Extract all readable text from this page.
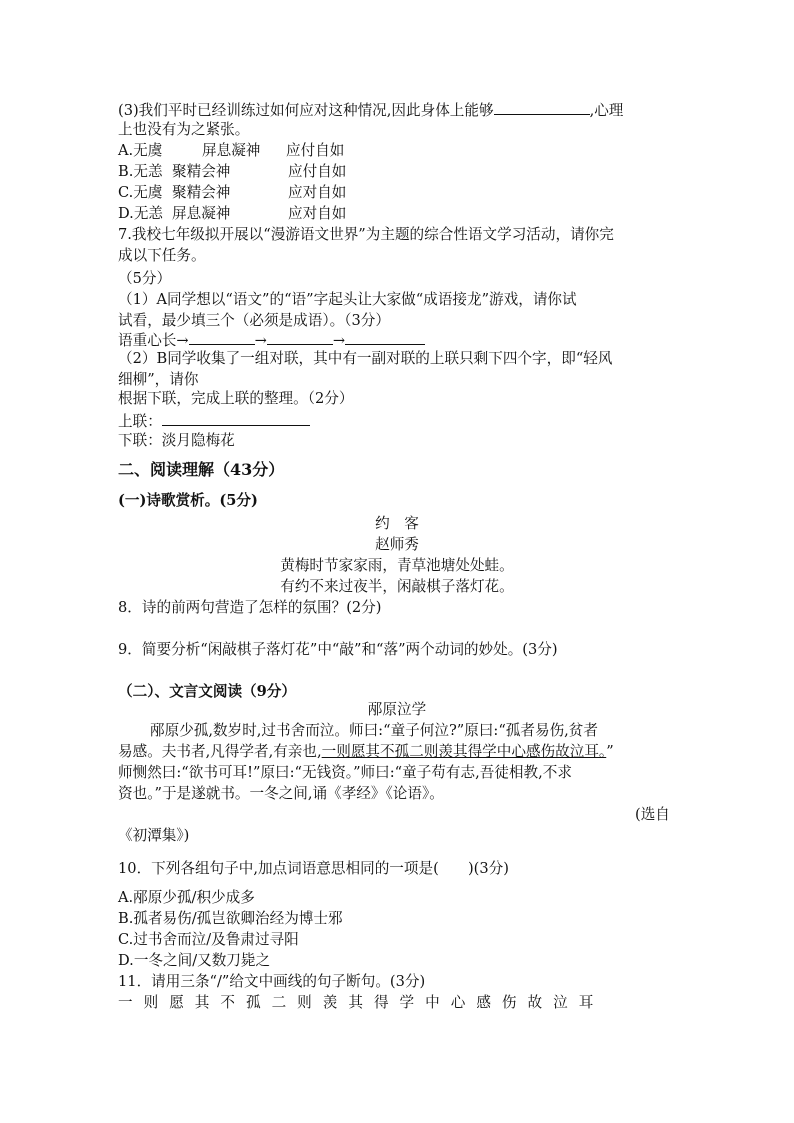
(3)我们平时已经训练过如何应对这种情况,因此身体上能够	,心理
上也没有为之紧张。
A.无虞	屏息凝神 应付自如
B.无恙 聚精会神	应付自如
C.无虞 聚精会神	应对自如
D.无恙 屏息凝神	应对自如
7.我校七年级拟开展以“漫游语文世界”为主题的综合性语文学习活动，请你完
成以下任务。
（5分）
（1）A同学想以“语文”的“语”字起头让大家做“成语接龙”游戏，请你试
试看，最少填三个（必须是成语）。（3分）
语重心长→	→	→
（2）B同学收集了一组对联，其中有一副对联的上联只剩下四个字，即“轻风
细柳”，请你
根据下联，完成上联的整理。（2分）
上联：
下联：淡月隐梅花
二、阅读理解（43分）
(一)诗歌赏析。(5分)
约　客
赵师秀
黄梅时节家家雨，青草池塘处处蛙。
有约不来过夜半，闲敲棋子落灯花。
8．诗的前两句营造了怎样的氛围？(2分)
9．简要分析“闲敲棋子落灯花”中“敲”和“落”两个动词的妙处。(3分)
（二）、文言文阅读（9分）
邴原泣学
邴原少孤,数岁时,过书舍而泣。师曰:“童子何泣?”原曰:“孤者易伤,贫者
易感。夫书者,凡得学者,有亲也,一则愿其不孤二则羡其得学中心感伤故泣耳。”
师恻然曰:“欲书可耳!”原曰:“无钱资。”师曰:“童子苟有志,吾徒相教,不求
资也。”于是遂就书。一冬之间,诵《孝经》《论语》。
(选自
《初潭集》)
10．下列各组句子中,加点词语意思相同的一项是(　　)(3分)
A.邴原少孤/积少成多
B.孤者易伤/孤岂欲卿治经为博士邪
C.过书舍而泣/及鲁肃过寻阳
D.一冬之间/又数刀毙之
11．请用三条“/”给文中画线的句子断句。(3分)
一则愿其不孤二则羡其得学中心感伤故泣耳
